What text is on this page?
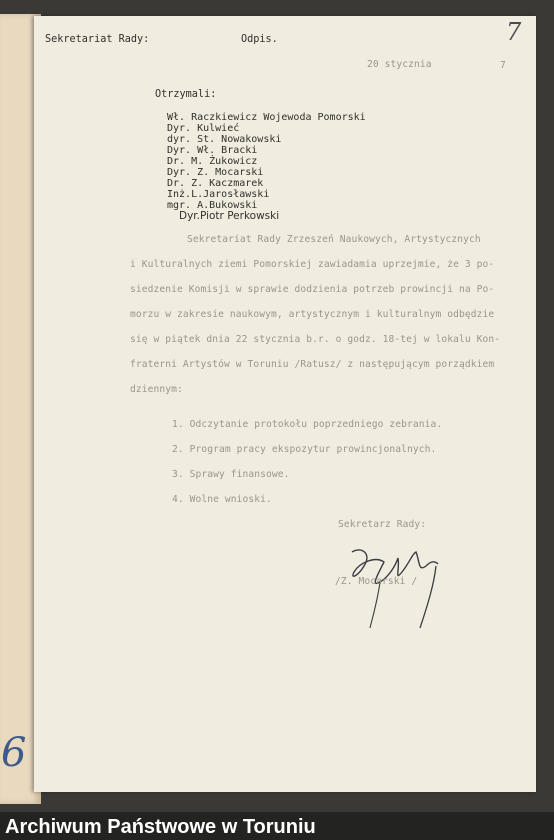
6
Sekretariat Rady:	Odpis.
20 stycznia	7
7
Otrzymali:
Wł. Raczkiewicz Wojewoda Pomorski
Dyr. Kulwieć
dyr. St. Nowakowski
Dyr. Wł. Bracki
Dr. M. Żukowicz
Dyr. Z. Mocarski
Dr. Z. Kaczmarek
Inż.L.Jarosławski
mgr. A.Bukowski
Dyr.Piotr Perkowski
Sekretariat Rady Zrzeszeń Naukowych, Artystycznych
i Kulturalnych ziemi Pomorskiej zawiadamia uprzejmie, że 3 po-
siedzenie Komisji w sprawie dodzienia potrzeb prowincji na Po-
morzu w zakresie naukowym, artystycznym i kulturalnym odbędzie
się w piątek dnia 22 stycznia b.r. o godz. 18-tej w lokalu Kon-
fraterni Artystów w Toruniu /Ratusz/ z następującym porządkiem
dziennym:
1. Odczytanie protokołu poprzedniego zebrania.
2. Program pracy ekspozytur prowincjonalnych.
3. Sprawy finansowe.
4. Wolne wnioski.
Sekretarz Rady:
/Z. Mocarski /
Archiwum Państwowe w Toruniu
